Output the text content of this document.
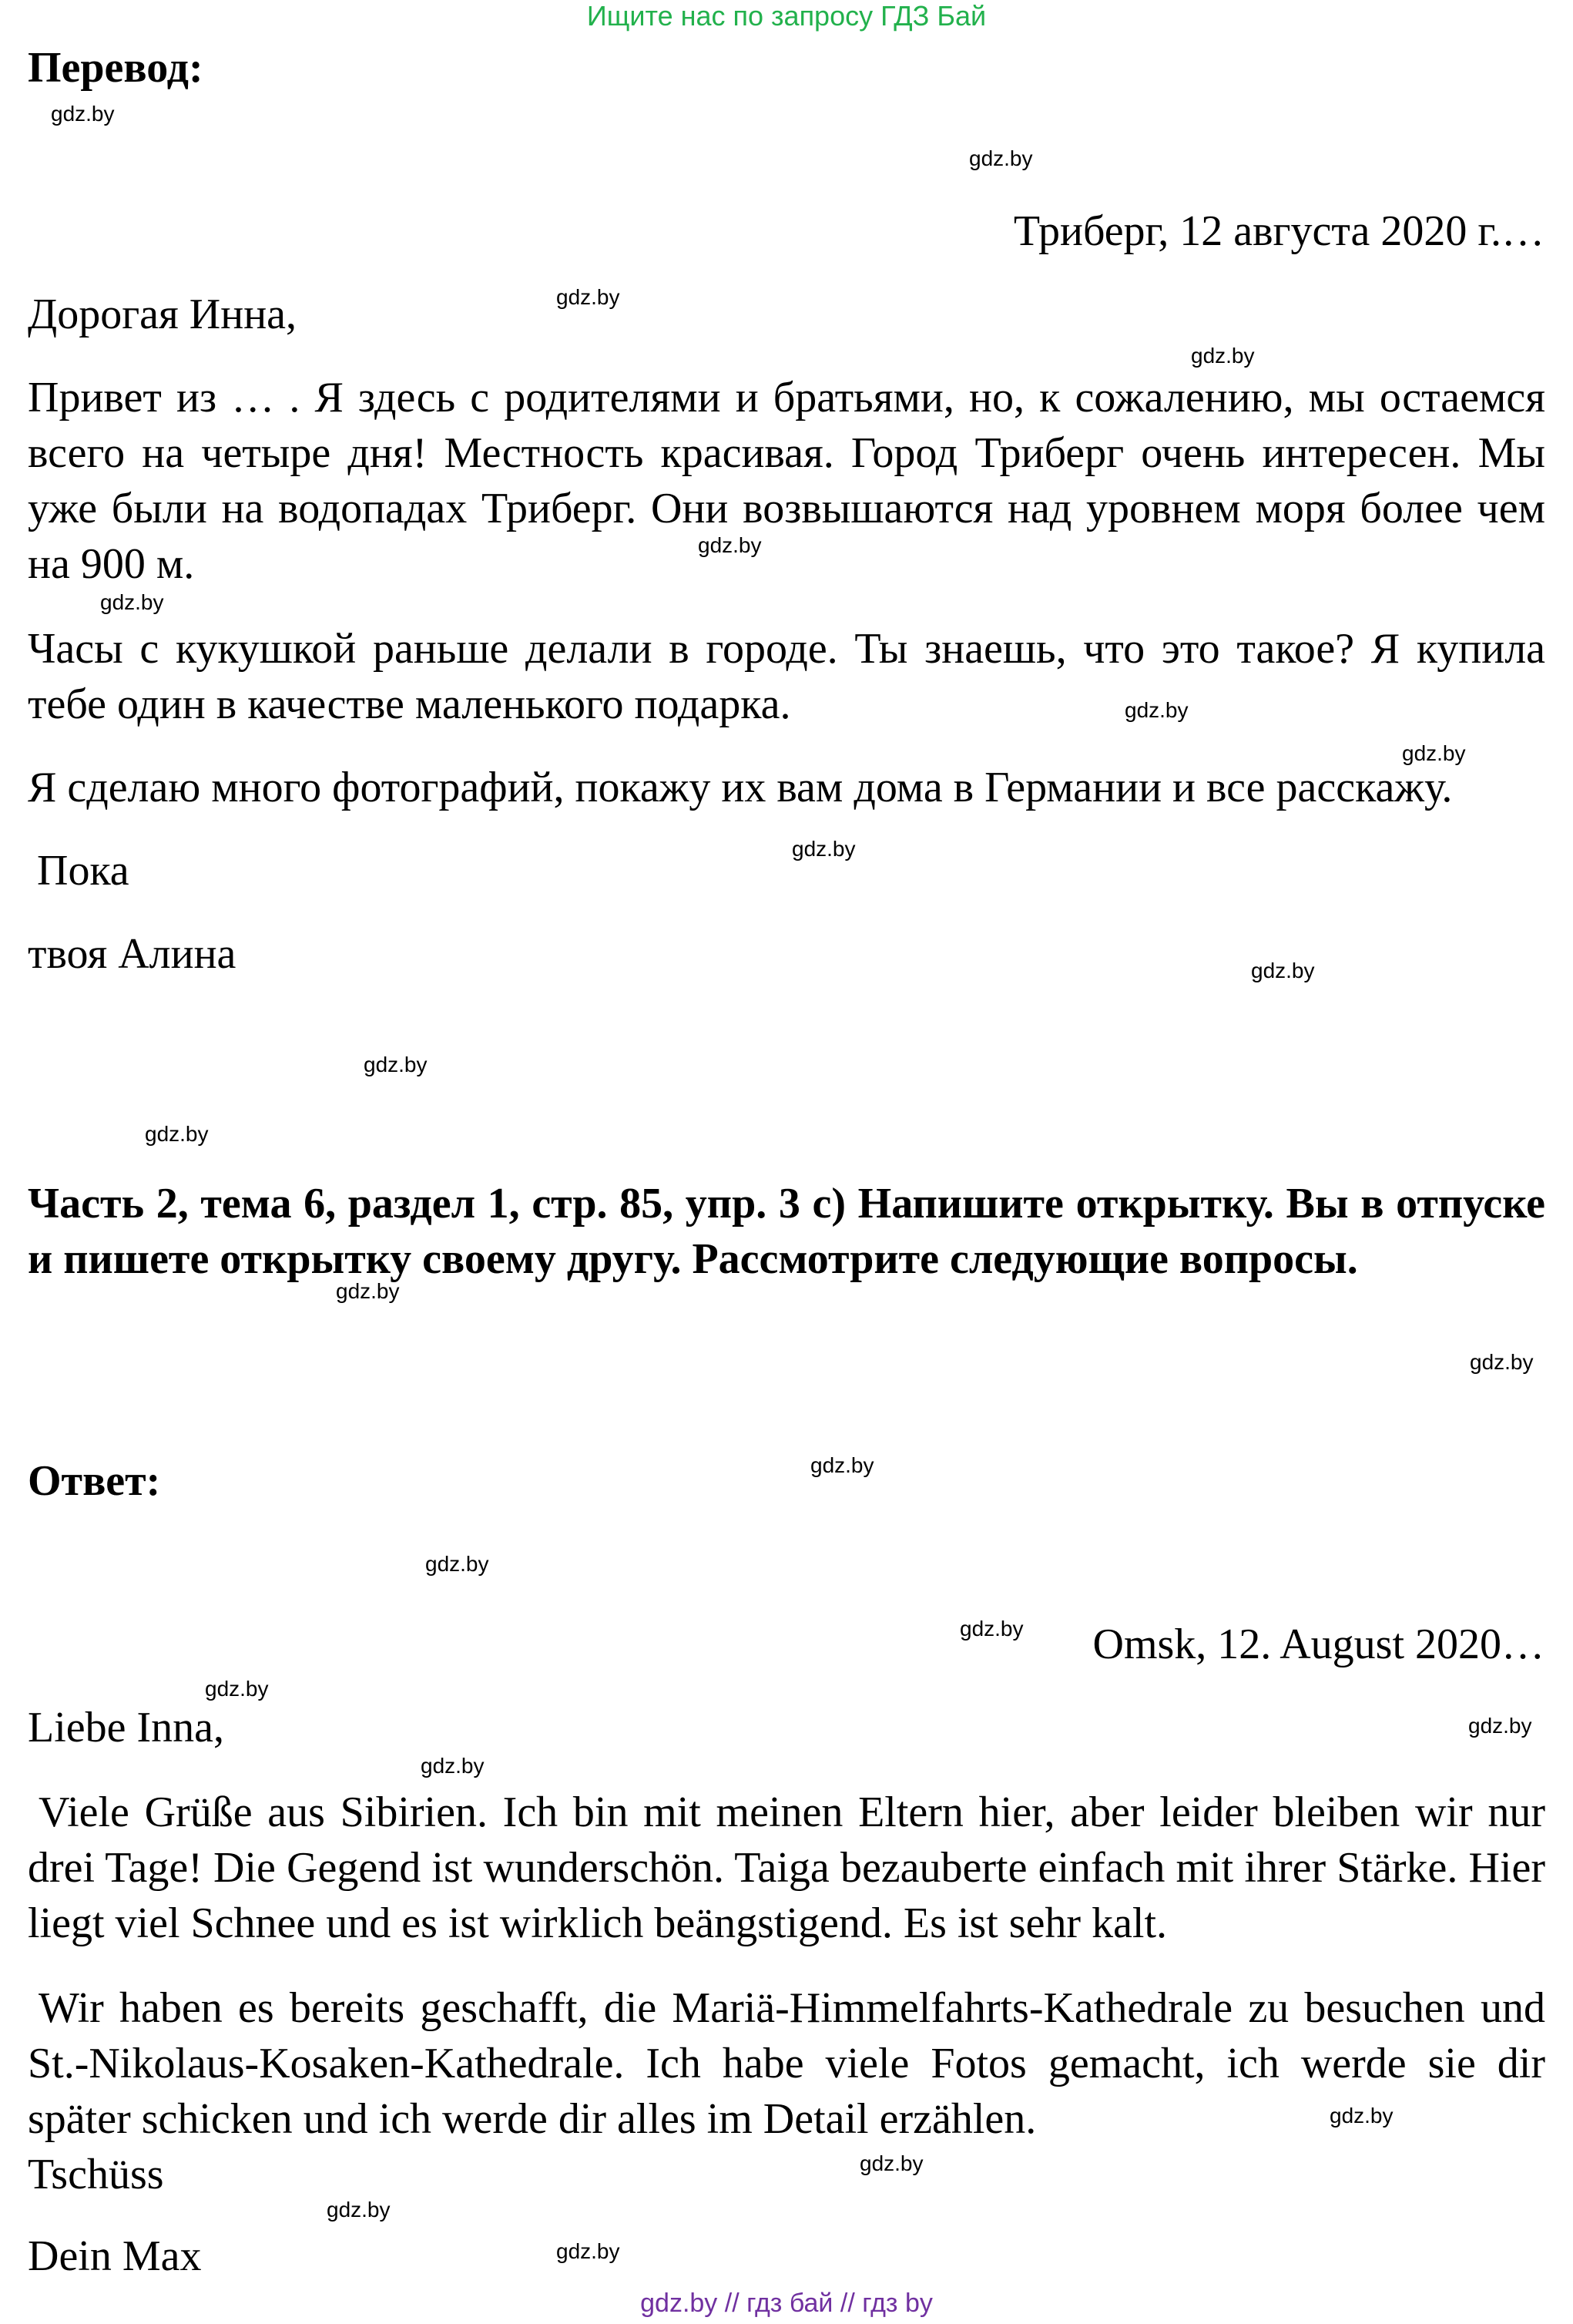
Ищите нас по запросу ГДЗ Бай
Перевод:
Триберг, 12 августа 2020 г.…
Дорогая Инна,
Привет из … . Я здесь с родителями и братьями, но, к сожалению, мы остаемся всего на четыре дня! Местность красивая. Город Триберг очень интересен. Мы уже были на водопадах Триберг. Они возвышаются над уровнем моря более чем на 900 м.
Часы с кукушкой раньше делали в городе. Ты знаешь, что это такое? Я купила тебе один в качестве маленького подарка.
Я сделаю много фотографий, покажу их вам дома в Германии и все расскажу.
Пока
твоя Алина
Часть 2, тема 6, раздел 1, стр. 85, упр. 3 c) Напишите открытку. Вы в отпуске и пишете открытку своему другу. Рассмотрите следующие вопросы.
Ответ:
Omsk, 12. August 2020…
Liebe Inna,
Viele Grüße aus Sibirien. Ich bin mit meinen Eltern hier, aber leider bleiben wir nur drei Tage! Die Gegend ist wunderschön. Taiga bezauberte einfach mit ihrer Stärke. Hier liegt viel Schnee und es ist wirklich beängstigend. Es ist sehr kalt.
Wir haben es bereits geschafft, die Mariä-Himmelfahrts-Kathedrale zu besuchen und St.-Nikolaus-Kosaken-Kathedrale. Ich habe viele Fotos gemacht, ich werde sie dir später schicken und ich werde dir alles im Detail erzählen.
Tschüss
Dein Max
gdz.by
gdz.by
gdz.by
gdz.by
gdz.by
gdz.by
gdz.by
gdz.by
gdz.by
gdz.by
gdz.by
gdz.by
gdz.by
gdz.by
gdz.by
gdz.by
gdz.by
gdz.by
gdz.by
gdz.by
gdz.by
gdz.by
gdz.by
gdz.by
gdz.by // гдз бай // гдз by
